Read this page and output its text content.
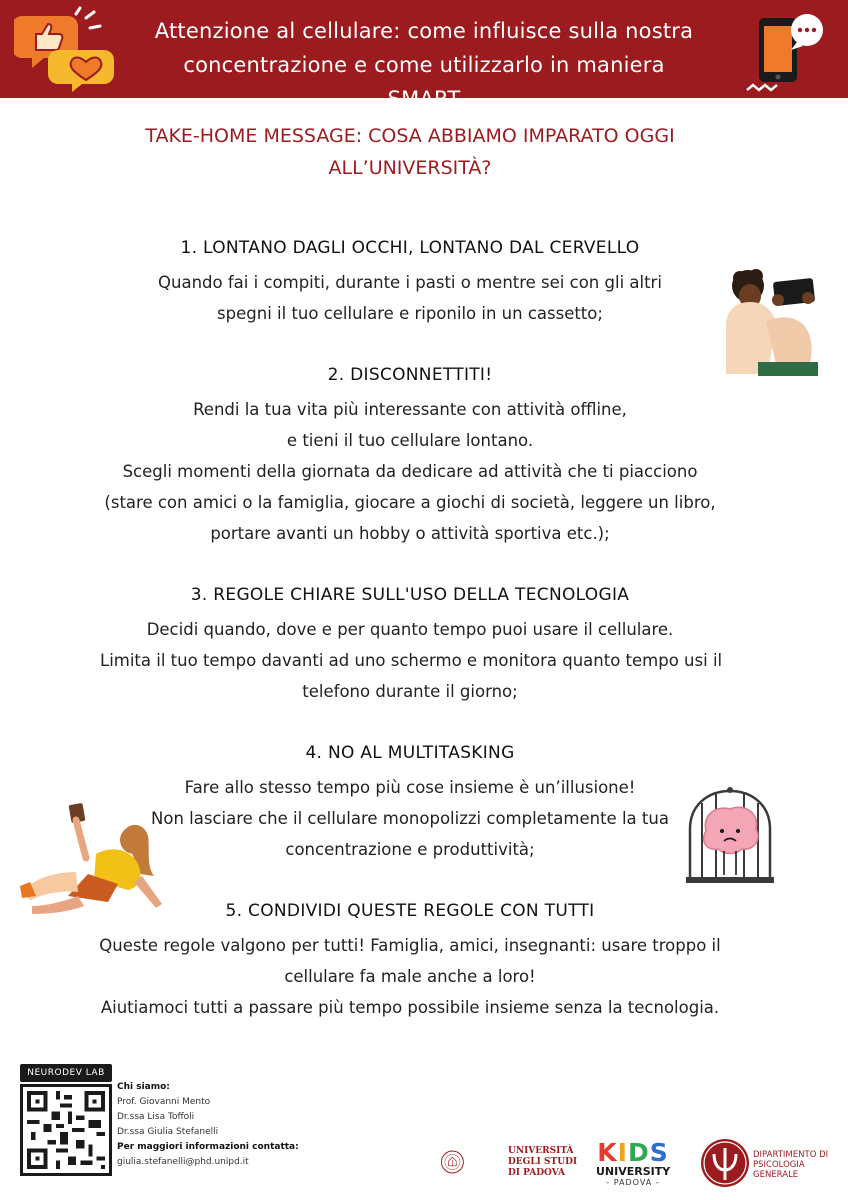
Attenzione al cellulare: come influisce sulla nostra
concentrazione e come utilizzarlo in maniera SMART
TAKE-HOME MESSAGE: COSA ABBIAMO IMPARATO OGGI
ALL’UNIVERSITÀ?
1. LONTANO DAGLI OCCHI, LONTANO DAL CERVELLO

Quando fai i compiti, durante i pasti o mentre sei con gli altri
spegni il tuo cellulare e riponilo in un cassetto;

2. DISCONNETTITI!

Rendi la tua vita più interessante con attività offline,
e tieni il tuo cellulare lontano.
Scegli momenti della giornata da dedicare ad attività che ti piacciono
(stare con amici o la famiglia, giocare a giochi di società, leggere un libro,
portare avanti un hobby o attività sportiva etc.);

3. REGOLE CHIARE SULL'USO DELLA TECNOLOGIA

Decidi quando, dove e per quanto tempo puoi usare il cellulare.
Limita il tuo tempo davanti ad uno schermo e monitora quanto tempo usi il
telefono durante il giorno;

4. NO AL MULTITASKING

Fare allo stesso tempo più cose insieme è un’illusione!
Non lasciare che il cellulare monopolizzi completamente la tua
concentrazione e produttività;

5. CONDIVIDI QUESTE REGOLE CON TUTTI

Queste regole valgono per tutti! Famiglia, amici, insegnanti: usare troppo il
cellulare fa male anche a loro!
Aiutiamoci tutti a passare più tempo possibile insieme senza la tecnologia.

NEURODEV LAB
Chi siamo:
Prof. Giovanni Mento
Dr.ssa Lisa Toffoli
Dr.ssa Giulia Stefanelli
Per maggiori informazioni contatta:
giulia.stefanelli@phd.unipd.it
UNIVERSITÀ
DEGLI STUDI
DI PADOVA
KIDS
UNIVERSITY
- PADOVA -
DIPARTIMENTO DI
PSICOLOGIA
GENERALE
